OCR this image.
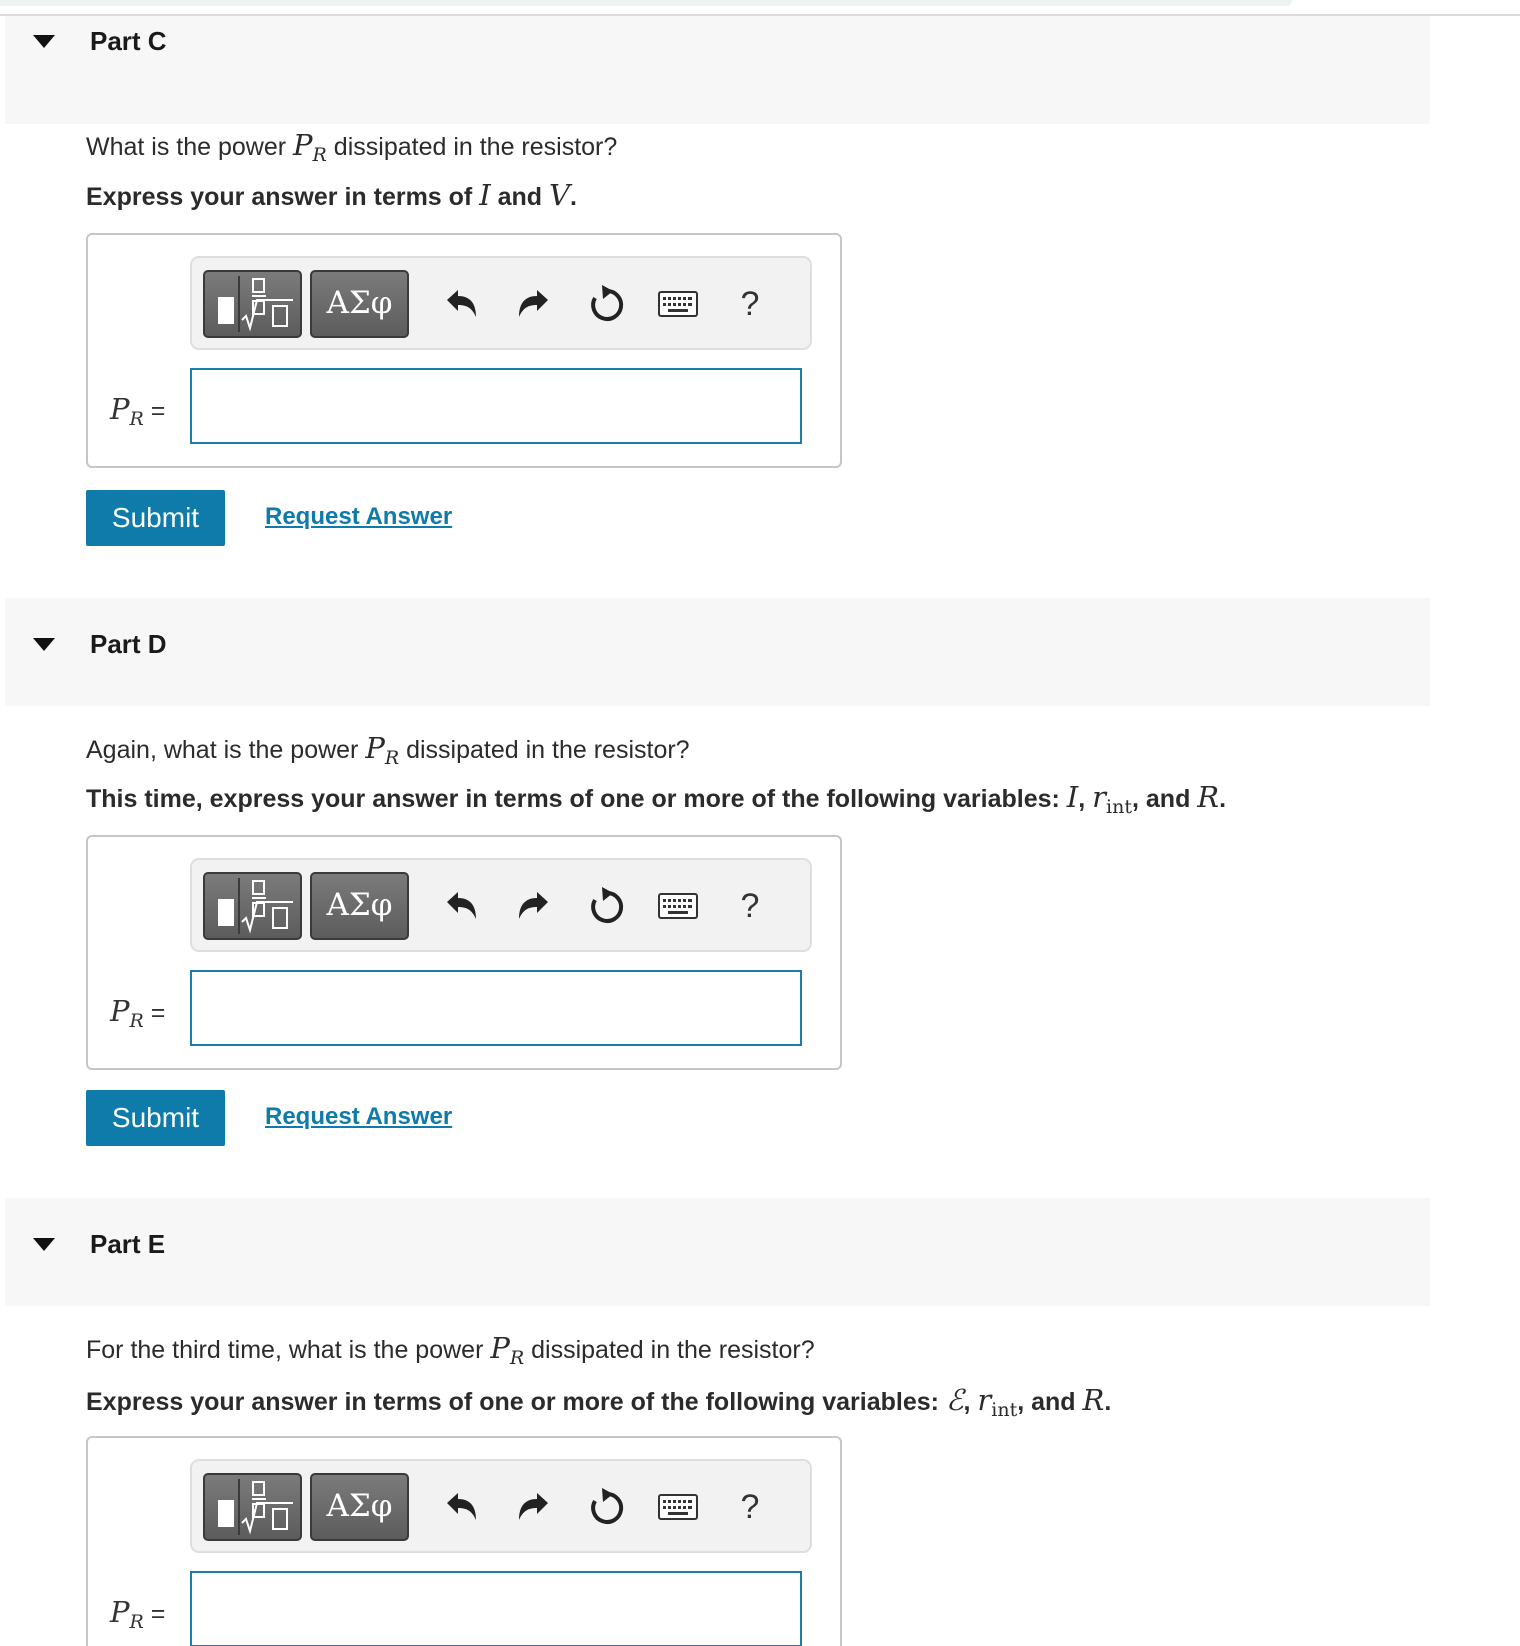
Part C
What is the power $P_R$ dissipated in the resistor?
Express your answer in terms of I and V.
ΑΣφ	?
$P_R$ =
Submit	Request Answer
Part D
Again, what is the power $P_R$ dissipated in the resistor?
This time, express your answer in terms of one or more of the following variables: I, $r_{int}$, and R.
ΑΣφ	?
$P_R$ =
Submit	Request Answer
Part E
For the third time, what is the power $P_R$ dissipated in the resistor?
Express your answer in terms of one or more of the following variables: ℰ, $r_{int}$, and R.
ΑΣφ	?
$P_R$ =
